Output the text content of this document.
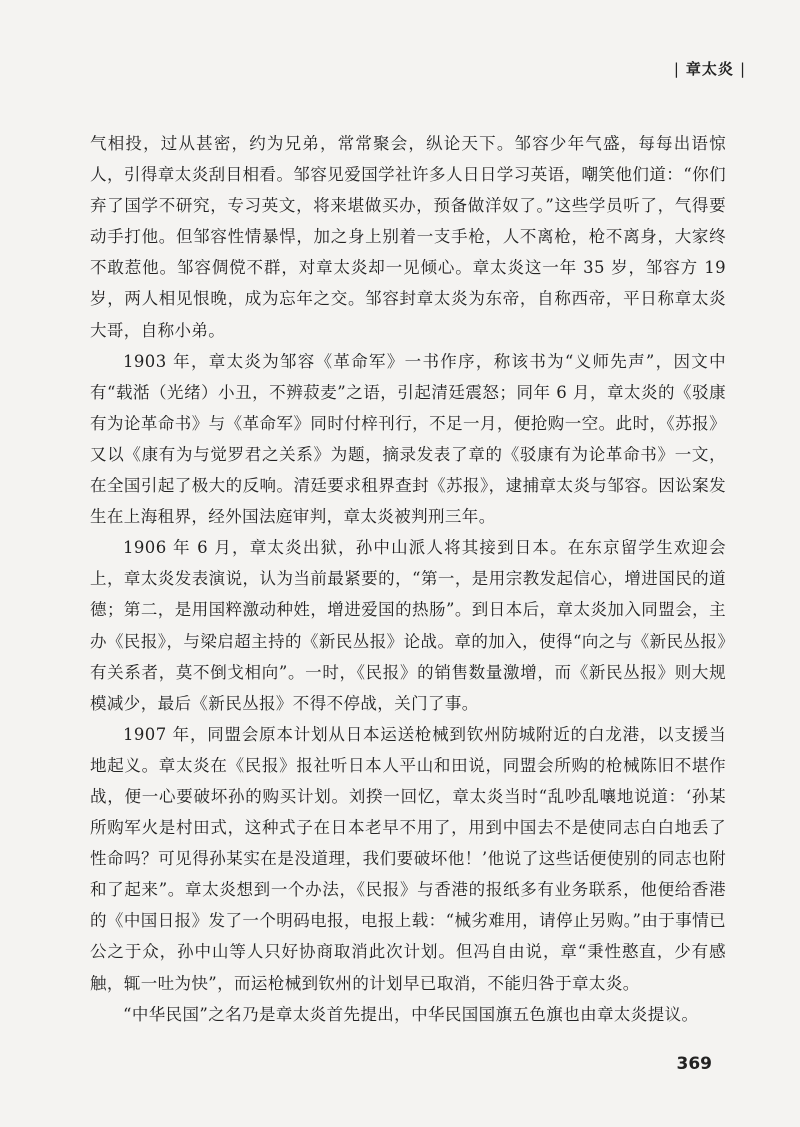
| 章太炎 |

气相投，过从甚密，约为兄弟，常常聚会，纵论天下。邹容少年气盛，每每出语惊人，引得章太炎刮目相看。邹容见爱国学社许多人日日学习英语，嘲笑他们道：“你们弃了国学不研究，专习英文，将来堪做买办，预备做洋奴了。”这些学员听了，气得要动手打他。但邹容性情暴悍，加之身上别着一支手枪，人不离枪，枪不离身，大家终不敢惹他。邹容倜傥不群，对章太炎却一见倾心。章太炎这一年 35 岁，邹容方 19 岁，两人相见恨晚，成为忘年之交。邹容封章太炎为东帝，自称西帝，平日称章太炎大哥，自称小弟。

1903 年，章太炎为邹容《革命军》一书作序，称该书为“义师先声”，因文中有“载湉（光绪）小丑，不辨菽麦”之语，引起清廷震怒；同年 6 月，章太炎的《驳康有为论革命书》与《革命军》同时付梓刊行，不足一月，便抢购一空。此时，《苏报》又以《康有为与觉罗君之关系》为题，摘录发表了章的《驳康有为论革命书》一文，在全国引起了极大的反响。清廷要求租界查封《苏报》，逮捕章太炎与邹容。因讼案发生在上海租界，经外国法庭审判，章太炎被判刑三年。

1906 年 6 月，章太炎出狱，孙中山派人将其接到日本。在东京留学生欢迎会上，章太炎发表演说，认为当前最紧要的，“第一，是用宗教发起信心，增进国民的道德；第二，是用国粹激动种姓，增进爱国的热肠”。到日本后，章太炎加入同盟会，主办《民报》，与梁启超主持的《新民丛报》论战。章的加入，使得“向之与《新民丛报》有关系者，莫不倒戈相向”。一时，《民报》的销售数量激增，而《新民丛报》则大规模减少，最后《新民丛报》不得不停战，关门了事。

1907 年，同盟会原本计划从日本运送枪械到钦州防城附近的白龙港，以支援当地起义。章太炎在《民报》报社听日本人平山和田说，同盟会所购的枪械陈旧不堪作战，便一心要破坏孙的购买计划。刘揆一回忆，章太炎当时“乱吵乱嚷地说道：‘孙某所购军火是村田式，这种式子在日本老早不用了，用到中国去不是使同志白白地丢了性命吗？可见得孙某实在是没道理，我们要破坏他！’他说了这些话便使别的同志也附和了起来”。章太炎想到一个办法，《民报》与香港的报纸多有业务联系，他便给香港的《中国日报》发了一个明码电报，电报上载：“械劣难用，请停止另购。”由于事情已公之于众，孙中山等人只好协商取消此次计划。但冯自由说，章“秉性憨直，少有感触，辄一吐为快”，而运枪械到钦州的计划早已取消，不能归咎于章太炎。

“中华民国”之名乃是章太炎首先提出，中华民国国旗五色旗也由章太炎提议。

369
